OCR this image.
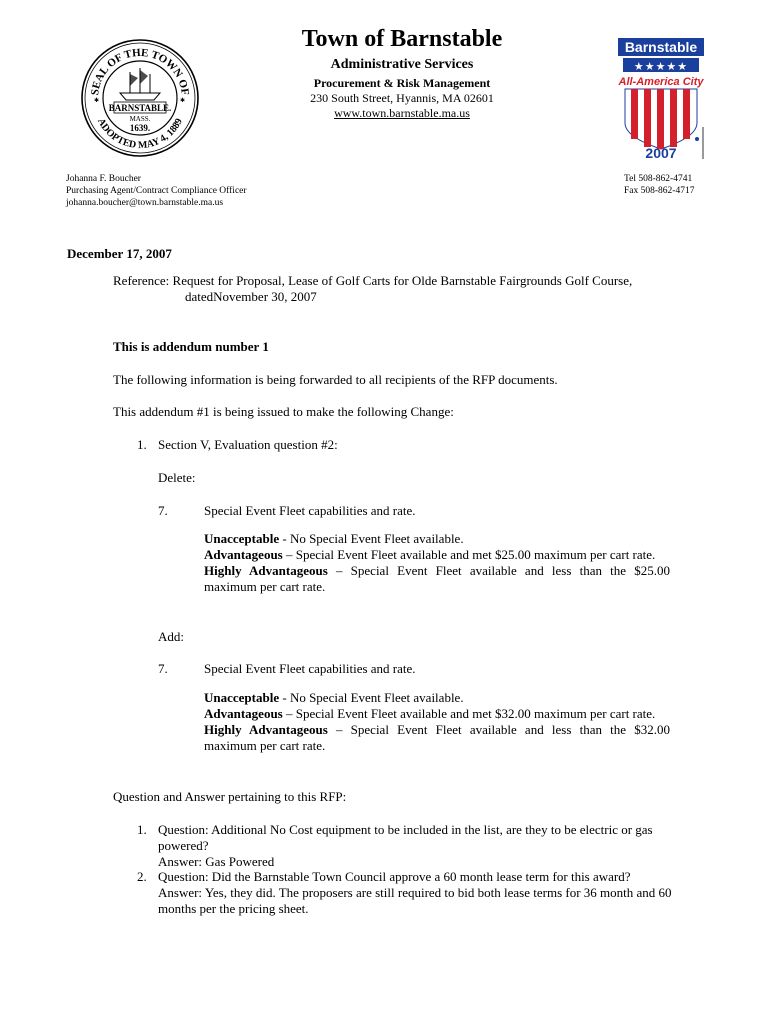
SEAL OF THE TOWN OF
ADOPTED MAY 4, 1889
BARNSTABLE.
MASS.
1639.
✱	✱
Barnstable
★★★★★
All-America City
2007
Town of Barnstable
Administrative Services
Procurement & Risk Management
230 South Street, Hyannis, MA 02601
www.town.barnstable.ma.us
Johanna F. Boucher
Purchasing Agent/Contract Compliance Officer
johanna.boucher@town.barnstable.ma.us
Tel 508-862-4741
Fax 508-862-4717
December 17, 2007
Reference: Request for Proposal, Lease of Golf Carts for Olde Barnstable Fairgrounds Golf Course,
datedNovember 30, 2007
This is addendum number 1
The following information is being forwarded to all recipients of the RFP documents.
This addendum #1 is being issued to make the following Change:
1. Section V, Evaluation question #2:
Delete:
7.	Special Event Fleet capabilities and rate.
Unacceptable - No Special Event Fleet available.
Advantageous – Special Event Fleet available and met $25.00 maximum per cart rate.
Highly Advantageous – Special Event Fleet available and less than the $25.00 maximum per cart rate.
Add:
7.	Special Event Fleet capabilities and rate.
Unacceptable - No Special Event Fleet available.
Advantageous – Special Event Fleet available and met $32.00 maximum per cart rate.
Highly Advantageous – Special Event Fleet available and less than the $32.00 maximum per cart rate.
Question and Answer pertaining to this RFP:
1. Question: Additional No Cost equipment to be included in the list, are they to be electric or gas powered?
Answer: Gas Powered
2. Question: Did the Barnstable Town Council approve a 60 month lease term for this award?
Answer: Yes, they did. The proposers are still required to bid both lease terms for 36 month and 60 months per the pricing sheet.
